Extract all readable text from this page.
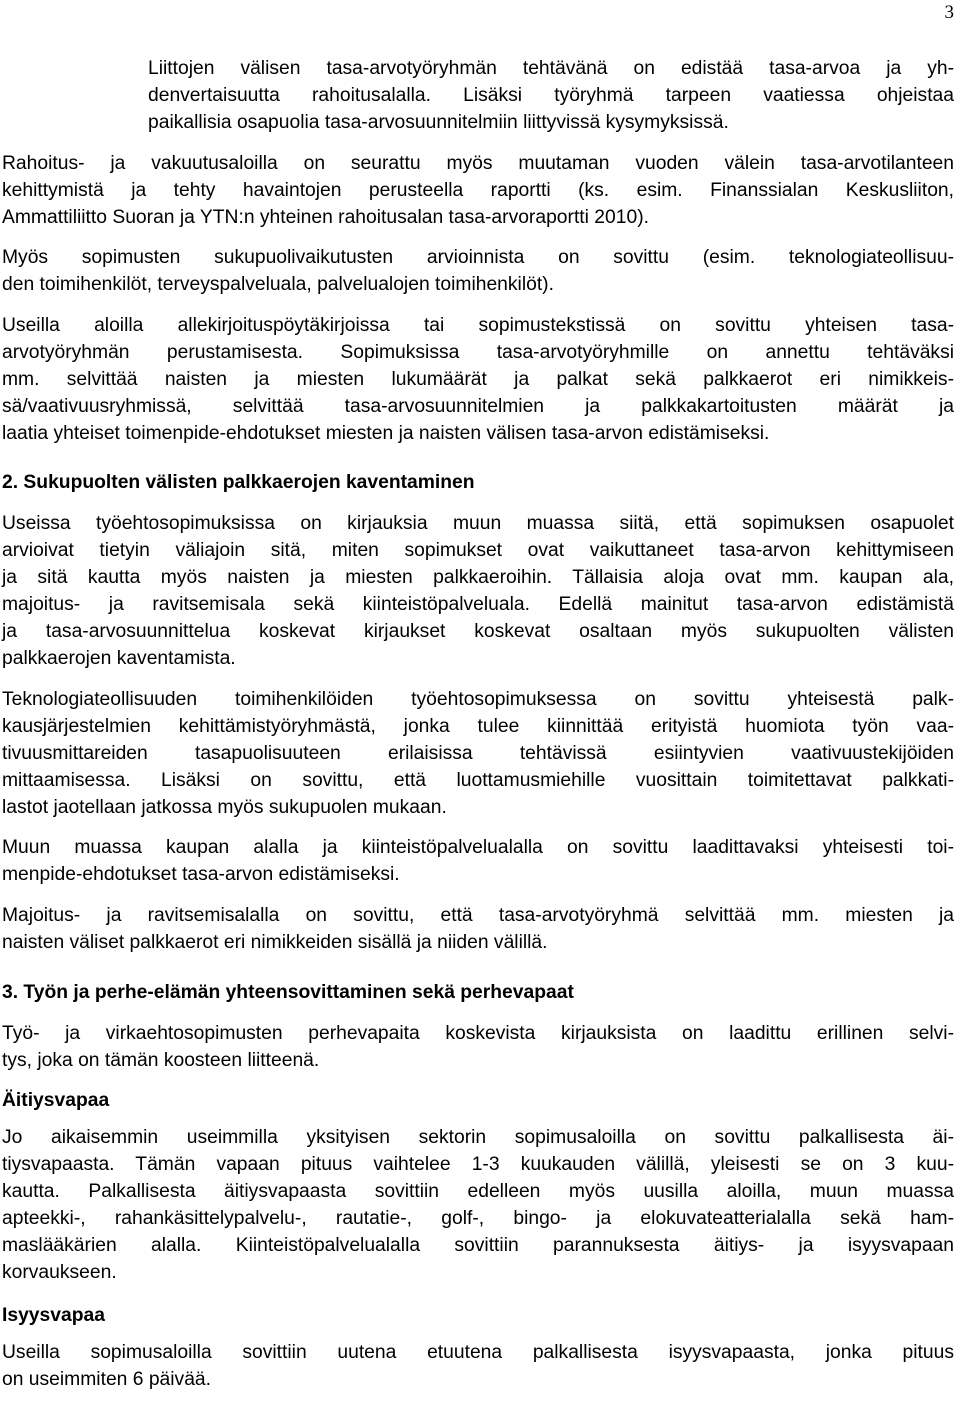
3
Liittojen välisen tasa-arvotyöryhmän tehtävänä on edistää tasa-arvoa ja yh-
denvertaisuutta rahoitusalalla. Lisäksi työryhmä tarpeen vaatiessa ohjeistaa
paikallisia osapuolia tasa-arvosuunnitelmiin liittyvissä kysymyksissä.
Rahoitus- ja vakuutusaloilla on seurattu myös muutaman vuoden välein tasa-arvotilanteen
kehittymistä ja tehty havaintojen perusteella raportti (ks. esim. Finanssialan Keskusliiton,
Ammattiliitto Suoran ja YTN:n yhteinen rahoitusalan tasa-arvoraportti 2010).
Myös sopimusten sukupuolivaikutusten arvioinnista on sovittu (esim. teknologiateollisuu-
den toimihenkilöt, terveyspalveluala, palvelualojen toimihenkilöt).
Useilla aloilla allekirjoituspöytäkirjoissa tai sopimustekstissä on sovittu yhteisen tasa-
arvotyöryhmän perustamisesta. Sopimuksissa tasa-arvotyöryhmille on annettu tehtäväksi
mm. selvittää naisten ja miesten lukumäärät ja palkat sekä palkkaerot eri nimikkeis-
sä/vaativuusryhmissä, selvittää tasa-arvosuunnitelmien ja palkkakartoitusten määrät ja
laatia yhteiset toimenpide-ehdotukset miesten ja naisten välisen tasa-arvon edistämiseksi.
2. Sukupuolten välisten palkkaerojen kaventaminen
Useissa työehtosopimuksissa on kirjauksia muun muassa siitä, että sopimuksen osapuolet
arvioivat tietyin väliajoin sitä, miten sopimukset ovat vaikuttaneet tasa-arvon kehittymiseen
ja sitä kautta myös naisten ja miesten palkkaeroihin. Tällaisia aloja ovat mm. kaupan ala,
majoitus- ja ravitsemisala sekä kiinteistöpalveluala. Edellä mainitut tasa-arvon edistämistä
ja tasa-arvosuunnittelua koskevat kirjaukset koskevat osaltaan myös sukupuolten välisten
palkkaerojen kaventamista.
Teknologiateollisuuden toimihenkilöiden työehtosopimuksessa on sovittu yhteisestä palk-
kausjärjestelmien kehittämistyöryhmästä, jonka tulee kiinnittää erityistä huomiota työn vaa-
tivuusmittareiden tasapuolisuuteen erilaisissa tehtävissä esiintyvien vaativuustekijöiden
mittaamisessa. Lisäksi on sovittu, että luottamusmiehille vuosittain toimitettavat palkkati-
lastot jaotellaan jatkossa myös sukupuolen mukaan.
Muun muassa kaupan alalla ja kiinteistöpalvelualalla on sovittu laadittavaksi yhteisesti toi-
menpide-ehdotukset tasa-arvon edistämiseksi.
Majoitus- ja ravitsemisalalla on sovittu, että tasa-arvotyöryhmä selvittää mm. miesten ja
naisten väliset palkkaerot eri nimikkeiden sisällä ja niiden välillä.
3. Työn ja perhe-elämän yhteensovittaminen sekä perhevapaat
Työ- ja virkaehtosopimusten perhevapaita koskevista kirjauksista on laadittu erillinen selvi-
tys, joka on tämän koosteen liitteenä.
Äitiysvapaa
Jo aikaisemmin useimmilla yksityisen sektorin sopimusaloilla on sovittu palkallisesta äi-
tiysvapaasta. Tämän vapaan pituus vaihtelee 1-3 kuukauden välillä, yleisesti se on 3 kuu-
kautta. Palkallisesta äitiysvapaasta sovittiin edelleen myös uusilla aloilla, muun muassa
apteekki-, rahankäsittelypalvelu-, rautatie-, golf-, bingo- ja elokuvateatterialalla sekä ham-
maslääkärien alalla. Kiinteistöpalvelualalla sovittiin parannuksesta äitiys- ja isyysvapaan
korvaukseen.
Isyysvapaa
Useilla sopimusaloilla sovittiin uutena etuutena palkallisesta isyysvapaasta, jonka pituus
on useimmiten 6 päivää.
